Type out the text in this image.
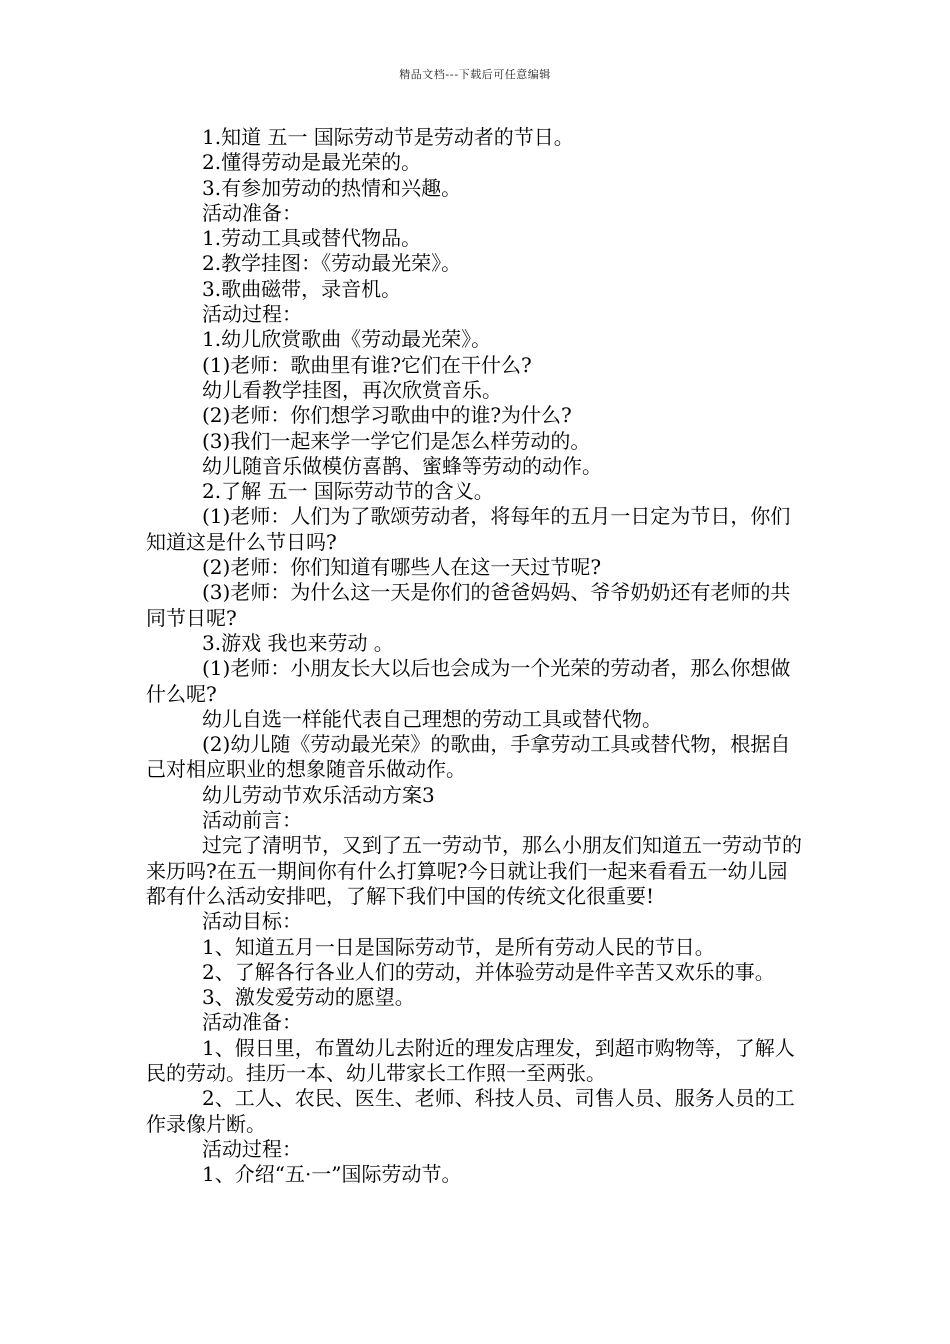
精品文档---下载后可任意编辑

1.知道 五一 国际劳动节是劳动者的节日。

2.懂得劳动是最光荣的。

3.有参加劳动的热情和兴趣。

活动准备：

1.劳动工具或替代物品。

2.教学挂图：《劳动最光荣》。

3.歌曲磁带，录音机。

活动过程：

1.幼儿欣赏歌曲《劳动最光荣》。

(1)老师：歌曲里有谁?它们在干什么?

幼儿看教学挂图，再次欣赏音乐。

(2)老师：你们想学习歌曲中的谁?为什么?

(3)我们一起来学一学它们是怎么样劳动的。

幼儿随音乐做模仿喜鹊、蜜蜂等劳动的动作。

2.了解 五一 国际劳动节的含义。

(1)老师：人们为了歌颂劳动者，将每年的五月一日定为节日，你们知道这是什么节日吗?

(2)老师：你们知道有哪些人在这一天过节呢?

(3)老师：为什么这一天是你们的爸爸妈妈、爷爷奶奶还有老师的共同节日呢?

3.游戏 我也来劳动 。

(1)老师：小朋友长大以后也会成为一个光荣的劳动者，那么你想做什么呢?

幼儿自选一样能代表自己理想的劳动工具或替代物。

(2)幼儿随《劳动最光荣》的歌曲，手拿劳动工具或替代物，根据自己对相应职业的想象随音乐做动作。

幼儿劳动节欢乐活动方案3

活动前言：

过完了清明节，又到了五一劳动节，那么小朋友们知道五一劳动节的来历吗?在五一期间你有什么打算呢?今日就让我们一起来看看五一幼儿园都有什么活动安排吧，了解下我们中国的传统文化很重要!

活动目标：

1、知道五月一日是国际劳动节，是所有劳动人民的节日。

2、了解各行各业人们的劳动，并体验劳动是件辛苦又欢乐的事。

3、激发爱劳动的愿望。

活动准备：

1、假日里，布置幼儿去附近的理发店理发，到超市购物等，了解人民的劳动。挂历一本、幼儿带家长工作照一至两张。

2、工人、农民、医生、老师、科技人员、司售人员、服务人员的工作录像片断。

活动过程：

1、介绍“五·一”国际劳动节。
